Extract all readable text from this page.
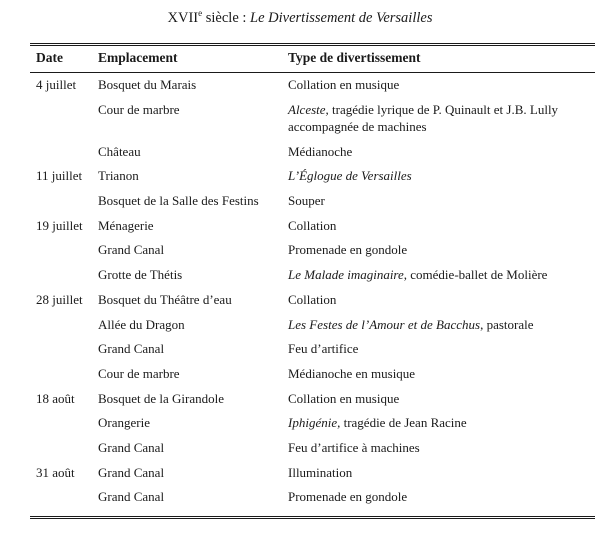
XVIIe siècle : Le Divertissement de Versailles
Date	Emplacement	Type de divertissement

4 juillet	Bosquet du Marais	Collation en musique
	Cour de marbre	Alceste, tragédie lyrique de P. Quinault et J.B. Lully accompagnée de machines
	Château	Médianoche
11 juillet	Trianon	L’Églogue de Versailles
	Bosquet de la Salle des Festins	Souper
19 juillet	Ménagerie	Collation
	Grand Canal	Promenade en gondole
	Grotte de Thétis	Le Malade imaginaire, comédie-ballet de Molière
28 juillet	Bosquet du Théâtre d’eau	Collation
	Allée du Dragon	Les Festes de l’Amour et de Bacchus, pastorale
	Grand Canal	Feu d’artifice
	Cour de marbre	Médianoche en musique
18 août	Bosquet de la Girandole	Collation en musique
	Orangerie	Iphigénie, tragédie de Jean Racine
	Grand Canal	Feu d’artifice à machines
31 août	Grand Canal	Illumination
	Grand Canal	Promenade en gondole
